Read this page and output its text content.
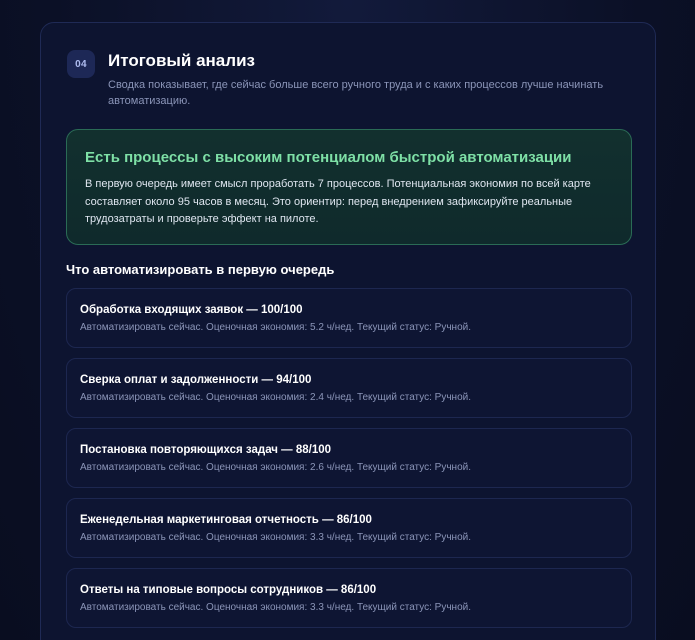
04	Итоговый анализ

Сводка показывает, где сейчас больше всего ручного труда и с каких процессов лучше начинать автоматизацию.

Есть процессы с высоким потенциалом быстрой автоматизации

В первую очередь имеет смысл проработать 7 процессов. Потенциальная экономия по всей карте составляет около 95 часов в месяц. Это ориентир: перед внедрением зафиксируйте реальные трудозатраты и проверьте эффект на пилоте.

Что автоматизировать в первую очередь

Обработка входящих заявок — 100/100

Автоматизировать сейчас. Оценочная экономия: 5.2 ч/нед. Текущий статус: Ручной.

Сверка оплат и задолженности — 94/100

Автоматизировать сейчас. Оценочная экономия: 2.4 ч/нед. Текущий статус: Ручной.

Постановка повторяющихся задач — 88/100

Автоматизировать сейчас. Оценочная экономия: 2.6 ч/нед. Текущий статус: Ручной.

Еженедельная маркетинговая отчетность — 86/100

Автоматизировать сейчас. Оценочная экономия: 3.3 ч/нед. Текущий статус: Ручной.

Ответы на типовые вопросы сотрудников — 86/100

Автоматизировать сейчас. Оценочная экономия: 3.3 ч/нед. Текущий статус: Ручной.
